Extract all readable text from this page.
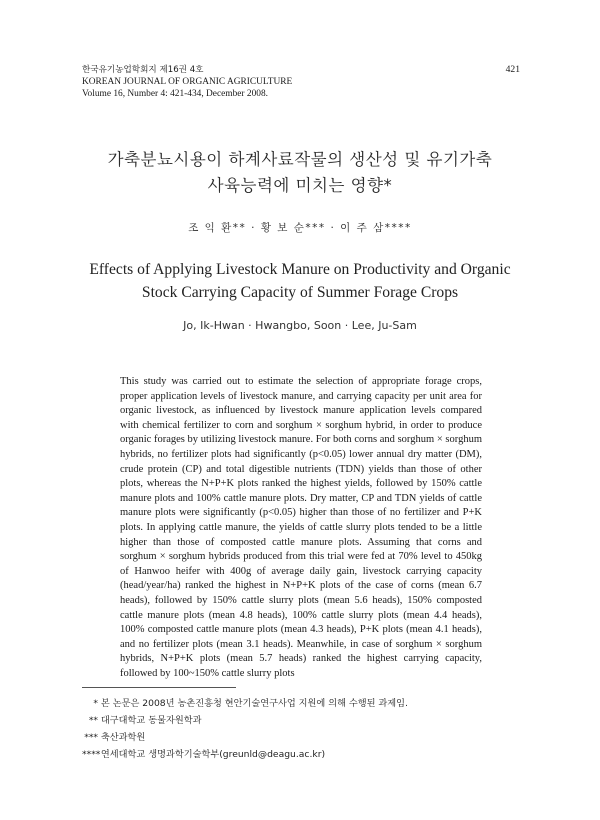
한국유기농업학회지 제16권 4호
KOREAN JOURNAL OF ORGANIC AGRICULTURE
Volume 16, Number 4: 421-434, December 2008.
421
가축분뇨시용이 하계사료작물의 생산성 및 유기가축
사육능력에 미치는 영향*
조 익 환** · 황 보 순*** · 이 주 삼****
Effects of Applying Livestock Manure on Productivity and Organic
Stock Carrying Capacity of Summer Forage Crops
Jo, Ik-Hwan · Hwangbo, Soon · Lee, Ju-Sam
This study was carried out to estimate the selection of appropriate forage crops, proper application levels of livestock manure, and carrying capacity per unit area for organic livestock, as influenced by livestock manure application levels compared with chemical fertilizer to corn and sorghum × sorghum hybrid, in order to produce organic forages by utilizing livestock manure. For both corns and sorghum × sorghum hybrids, no fertilizer plots had significantly (p<0.05) lower annual dry matter (DM), crude protein (CP) and total digestible nutrients (TDN) yields than those of other plots, whereas the N+P+K plots ranked the highest yields, followed by 150% cattle manure plots and 100% cattle manure plots. Dry matter, CP and TDN yields of cattle manure plots were significantly (p<0.05) higher than those of no fertilizer and P+K plots. In applying cattle manure, the yields of cattle slurry plots tended to be a little higher than those of composted cattle manure plots. Assuming that corns and sorghum × sorghum hybrids produced from this trial were fed at 70% level to 450kg of Hanwoo heifer with 400g of average daily gain, livestock carrying capacity (head/year/ha) ranked the highest in N+P+K plots of the case of corns (mean 6.7 heads), followed by 150% cattle slurry plots (mean 5.6 heads), 150% composted cattle manure plots (mean 4.8 heads), 100% cattle slurry plots (mean 4.4 heads), 100% composted cattle manure plots (mean 4.3 heads), P+K plots (mean 4.1 heads), and no fertilizer plots (mean 3.1 heads). Meanwhile, in case of sorghum × sorghum hybrids, N+P+K plots (mean 5.7 heads) ranked the highest carrying capacity, followed by 100~150% cattle slurry plots
* 본 논문은 2008년 농촌진흥청 현안기술연구사업 지원에 의해 수행된 과제임.
** 대구대학교 동물자원학과
*** 축산과학원
**** 연세대학교 생명과학기술학부(greunld@deagu.ac.kr)
